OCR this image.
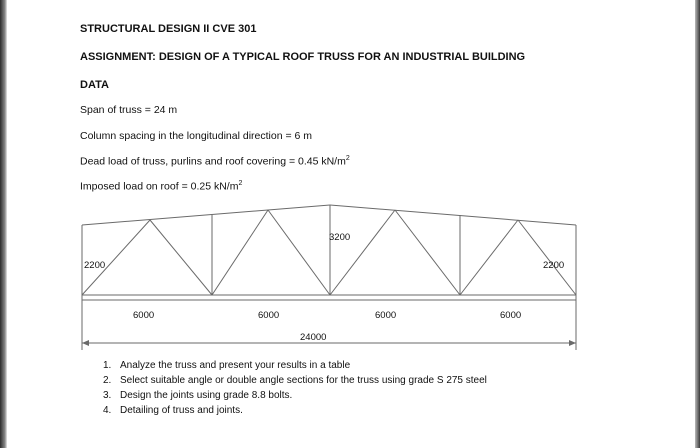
STRUCTURAL DESIGN II CVE 301
ASSIGNMENT: DESIGN OF A TYPICAL ROOF TRUSS FOR AN INDUSTRIAL BUILDING
DATA
Span of truss = 24 m
Column spacing in the longitudinal direction = 6 m
Dead load of truss, purlins and roof covering = 0.45 $kN/m^2$
Imposed load on roof = 0.25 $kN/m^2$
2200	2200
3200
6000	6000	6000	6000
24000
1. Analyze the truss and present your results in a table
2. Select suitable angle or double angle sections for the truss using grade S 275 steel
3. Design the joints using grade 8.8 bolts.
4. Detailing of truss and joints.
